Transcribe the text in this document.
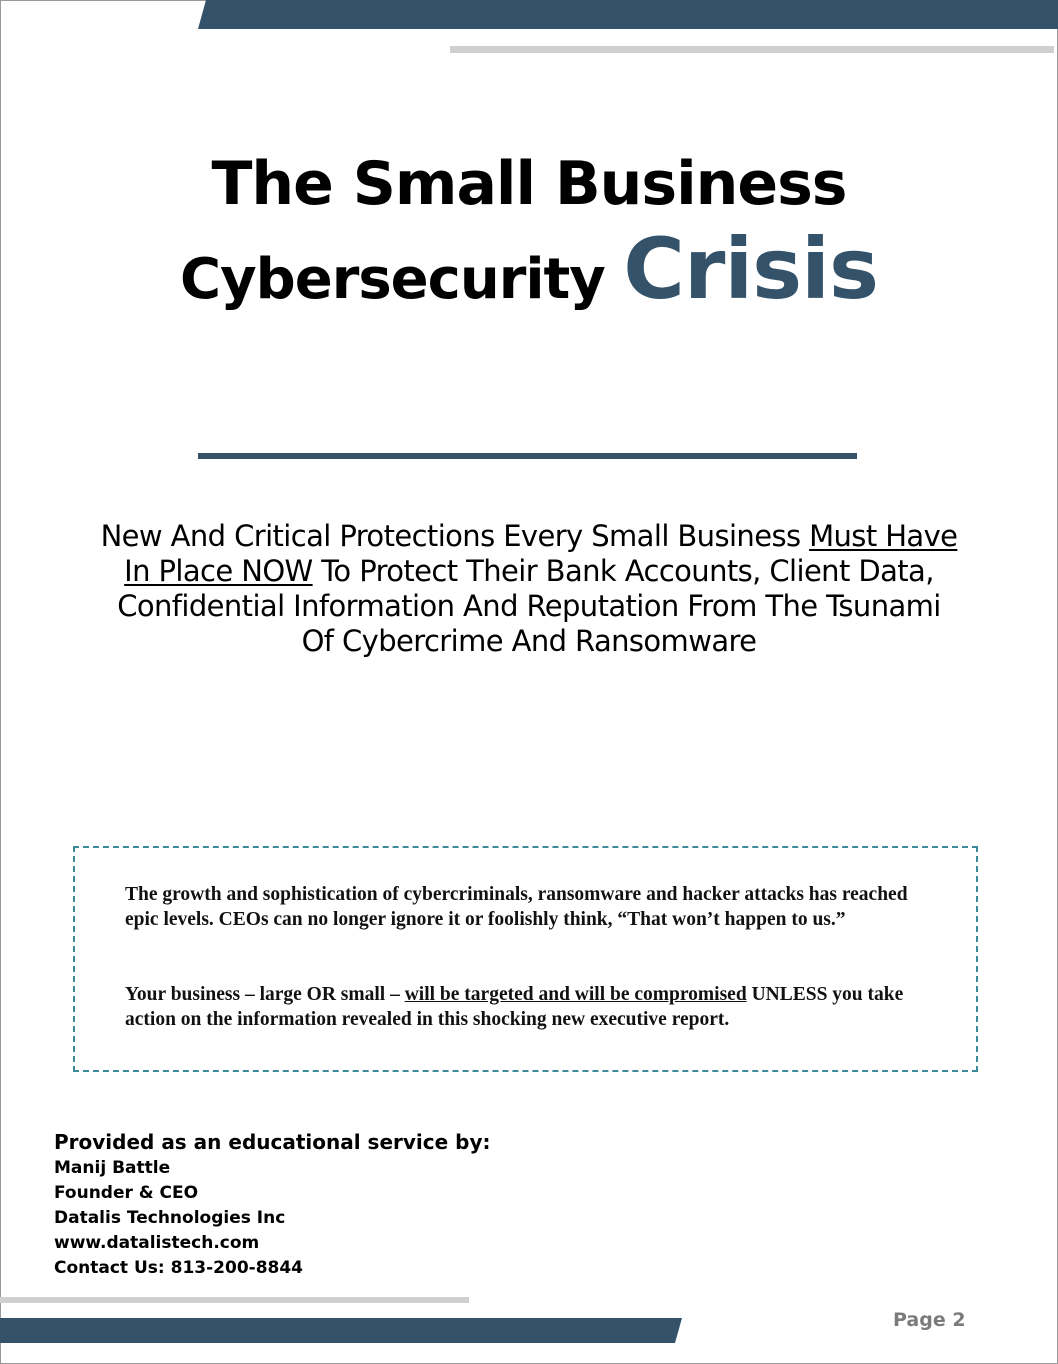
The Small Business
Cybersecurity Crisis
New And Critical Protections Every Small Business Must Have In Place NOW To Protect Their Bank Accounts, Client Data, Confidential Information And Reputation From The Tsunami Of Cybercrime And Ransomware

The growth and sophistication of cybercriminals, ransomware and hacker attacks has reached epic levels. CEOs can no longer ignore it or foolishly think, “That won’t happen to us.”

Your business – large OR small – will be targeted and will be compromised UNLESS you take action on the information revealed in this shocking new executive report.

Provided as an educational service by:
Manij Battle
Founder & CEO
Datalis Technologies Inc
www.datalistech.com
Contact Us: 813-200-8844
Page 2
